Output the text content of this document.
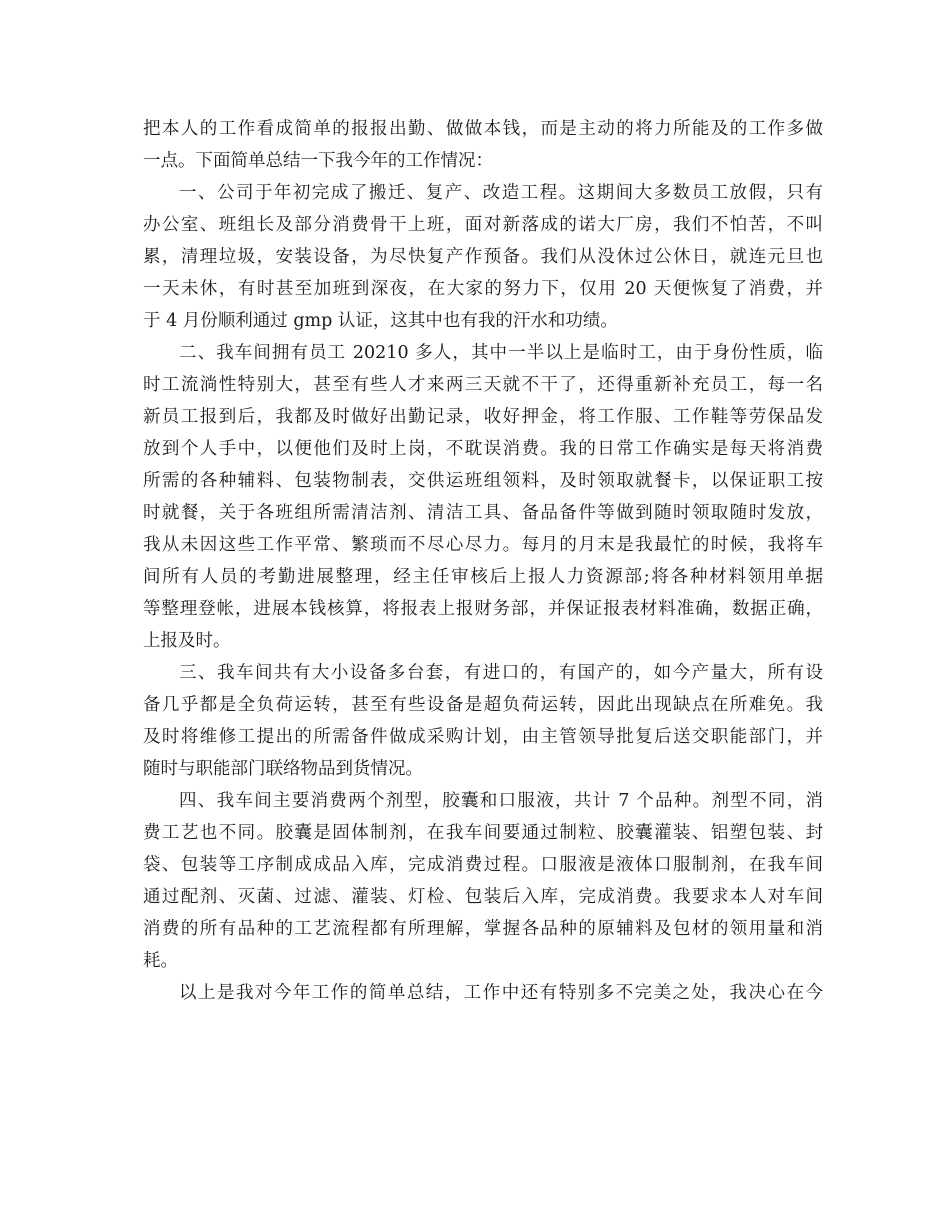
把本人的工作看成简单的报报出勤、做做本钱，而是主动的将力所能及的工作多做
一点。下面简单总结一下我今年的工作情况：
一、公司于年初完成了搬迁、复产、改造工程。这期间大多数员工放假，只有
办公室、班组长及部分消费骨干上班，面对新落成的诺大厂房，我们不怕苦，不叫
累，清理垃圾，安装设备，为尽快复产作预备。我们从没休过公休日，就连元旦也
一天未休，有时甚至加班到深夜，在大家的努力下，仅用 20 天便恢复了消费，并
于 4 月份顺利通过 gmp 认证，这其中也有我的汗水和功绩。
二、我车间拥有员工 20210 多人，其中一半以上是临时工，由于身份性质，临
时工流淌性特别大，甚至有些人才来两三天就不干了，还得重新补充员工，每一名
新员工报到后，我都及时做好出勤记录，收好押金，将工作服、工作鞋等劳保品发
放到个人手中，以便他们及时上岗，不耽误消费。我的日常工作确实是每天将消费
所需的各种辅料、包装物制表，交供运班组领料，及时领取就餐卡，以保证职工按
时就餐，关于各班组所需清洁剂、清洁工具、备品备件等做到随时领取随时发放，
我从未因这些工作平常、繁琐而不尽心尽力。每月的月末是我最忙的时候，我将车
间所有人员的考勤进展整理，经主任审核后上报人力资源部;将各种材料领用单据
等整理登帐，进展本钱核算，将报表上报财务部，并保证报表材料准确，数据正确，
上报及时。
三、我车间共有大小设备多台套，有进口的，有国产的，如今产量大，所有设
备几乎都是全负荷运转，甚至有些设备是超负荷运转，因此出现缺点在所难免。我
及时将维修工提出的所需备件做成采购计划，由主管领导批复后送交职能部门，并
随时与职能部门联络物品到货情况。
四、我车间主要消费两个剂型，胶囊和口服液，共计 7 个品种。剂型不同，消
费工艺也不同。胶囊是固体制剂，在我车间要通过制粒、胶囊灌装、铝塑包装、封
袋、包装等工序制成成品入库，完成消费过程。口服液是液体口服制剂，在我车间
通过配剂、灭菌、过滤、灌装、灯检、包装后入库，完成消费。我要求本人对车间
消费的所有品种的工艺流程都有所理解，掌握各品种的原辅料及包材的领用量和消
耗。
以上是我对今年工作的简单总结，工作中还有特别多不完美之处，我决心在今
